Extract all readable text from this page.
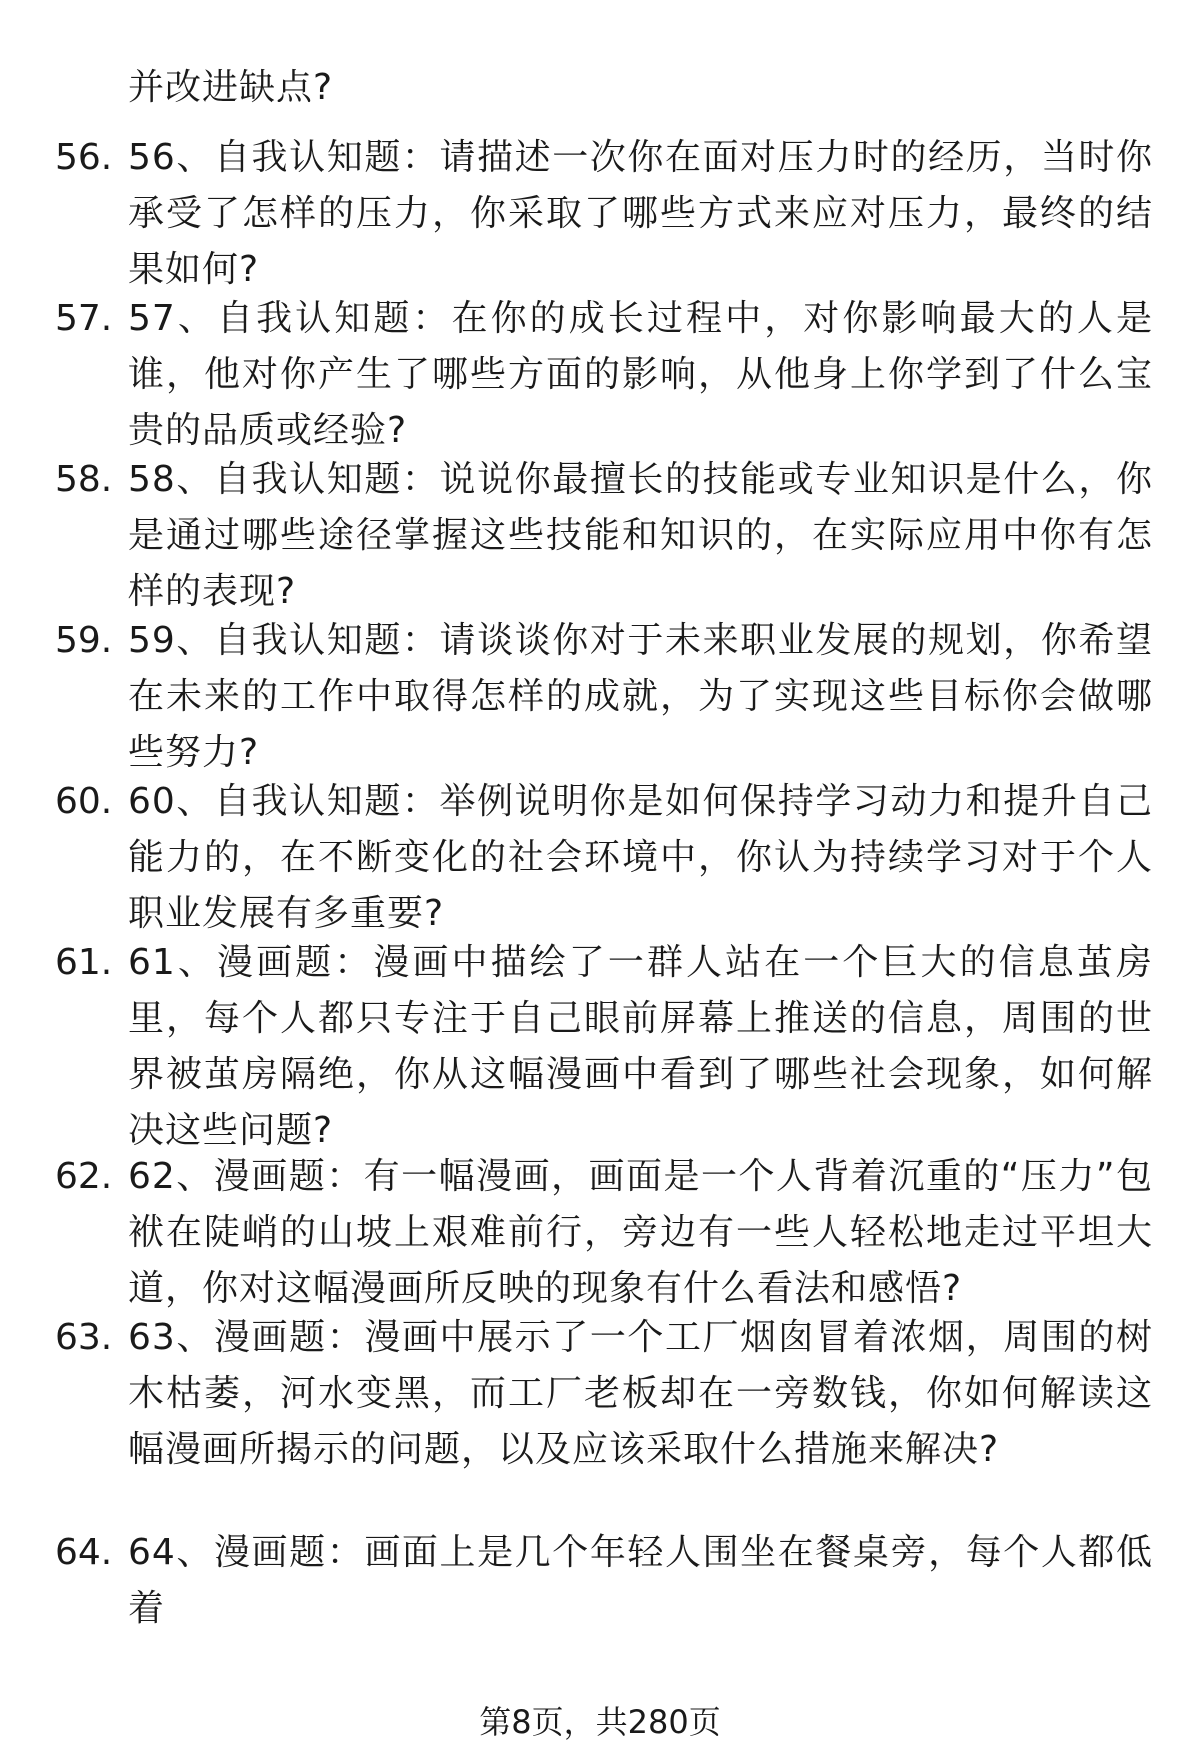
并改进缺点?
56. 56、自我认知题：请描述一次你在面对压力时的经历，当时你承受了怎样的压力，你采取了哪些方式来应对压力，最终的结果如何?
57. 57、自我认知题：在你的成长过程中，对你影响最大的人是谁，他对你产生了哪些方面的影响，从他身上你学到了什么宝贵的品质或经验?
58. 58、自我认知题：说说你最擅长的技能或专业知识是什么，你是通过哪些途径掌握这些技能和知识的，在实际应用中你有怎样的表现?
59. 59、自我认知题：请谈谈你对于未来职业发展的规划，你希望在未来的工作中取得怎样的成就，为了实现这些目标你会做哪些努力?
60. 60、自我认知题：举例说明你是如何保持学习动力和提升自己能力的，在不断变化的社会环境中，你认为持续学习对于个人职业发展有多重要?
61. 61、漫画题：漫画中描绘了一群人站在一个巨大的信息茧房里，每个人都只专注于自己眼前屏幕上推送的信息，周围的世界被茧房隔绝，你从这幅漫画中看到了哪些社会现象，如何解决这些问题?
62. 62、漫画题：有一幅漫画，画面是一个人背着沉重的“压力”包袱在陡峭的山坡上艰难前行，旁边有一些人轻松地走过平坦大道，你对这幅漫画所反映的现象有什么看法和感悟?
63. 63、漫画题：漫画中展示了一个工厂烟囱冒着浓烟，周围的树木枯萎，河水变黑，而工厂老板却在一旁数钱，你如何解读这幅漫画所揭示的问题，以及应该采取什么措施来解决?
64. 64、漫画题：画面上是几个年轻人围坐在餐桌旁，每个人都低着
第8页，共280页
